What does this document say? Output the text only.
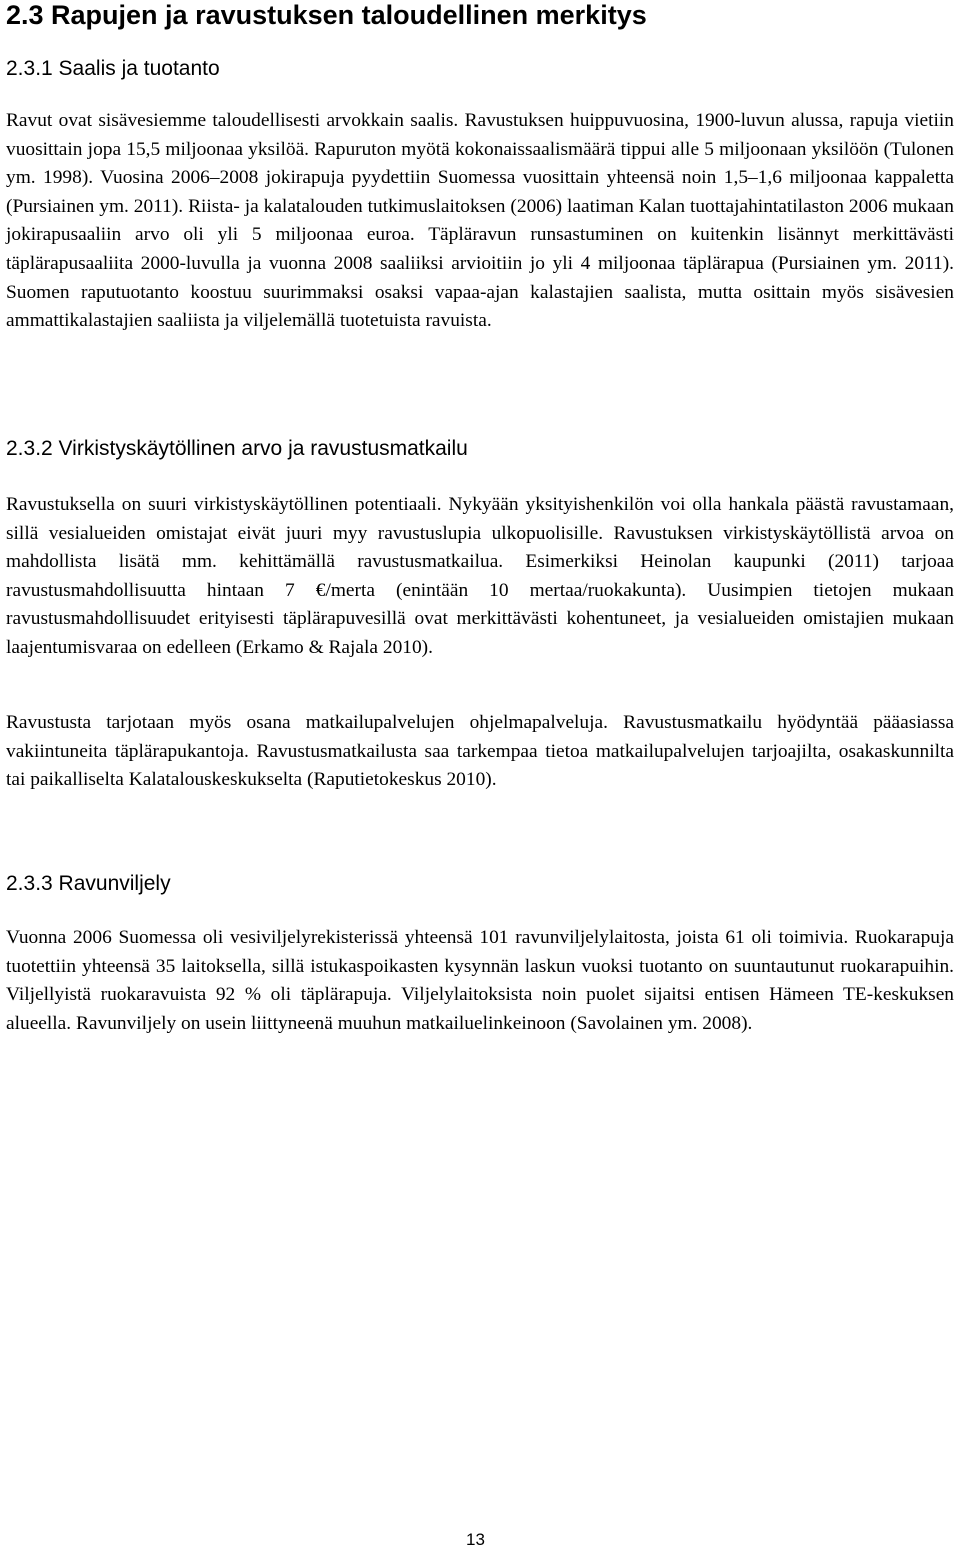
2.3 Rapujen ja ravustuksen taloudellinen merkitys
2.3.1 Saalis ja tuotanto

Ravut ovat sisävesiemme taloudellisesti arvokkain saalis. Ravustuksen huippuvuosina, 1900-luvun alussa, rapuja vietiin vuosittain jopa 15,5 miljoonaa yksilöä. Rapuruton myötä kokonaissaalismäärä tippui alle 5 miljoonaan yksilöön (Tulonen ym. 1998). Vuosina 2006–2008 jokirapuja pyydettiin Suomessa vuosittain yhteensä noin 1,5–1,6 miljoonaa kappaletta (Pursiainen ym. 2011). Riista- ja kalatalouden tutkimuslaitoksen (2006) laatiman Kalan tuottajahintatilaston 2006 mukaan jokirapusaaliin arvo oli yli 5 miljoonaa euroa. Täpläravun runsastuminen on kuitenkin lisännyt merkittävästi täplärapusaaliita 2000-luvulla ja vuonna 2008 saaliiksi arvioitiin jo yli 4 miljoonaa täplärapua (Pursiainen ym. 2011). Suomen raputuotanto koostuu suurimmaksi osaksi vapaa-ajan kalastajien saalista, mutta osittain myös sisävesien ammattikalastajien saaliista ja viljelemällä tuotetuista ravuista.

2.3.2 Virkistyskäytöllinen arvo ja ravustusmatkailu

Ravustuksella on suuri virkistyskäytöllinen potentiaali. Nykyään yksityishenkilön voi olla hankala päästä ravustamaan, sillä vesialueiden omistajat eivät juuri myy ravustuslupia ulkopuolisille. Ravustuksen virkistyskäytöllistä arvoa on mahdollista lisätä mm. kehittämällä ravustusmatkailua. Esimerkiksi Heinolan kaupunki (2011) tarjoaa ravustusmahdollisuutta hintaan 7 €/merta (enintään 10 mertaa/ruokakunta). Uusimpien tietojen mukaan ravustusmahdollisuudet erityisesti täplärapuvesillä ovat merkittävästi kohentuneet, ja vesialueiden omistajien mukaan laajentumisvaraa on edelleen (Erkamo & Rajala 2010).

Ravustusta tarjotaan myös osana matkailupalvelujen ohjelmapalveluja. Ravustusmatkailu hyödyntää pääasiassa vakiintuneita täplärapukantoja. Ravustusmatkailusta saa tarkempaa tietoa matkailupalvelujen tarjoajilta, osakaskunnilta tai paikalliselta Kalatalouskeskukselta (Raputietokeskus 2010).

2.3.3 Ravunviljely

Vuonna 2006 Suomessa oli vesiviljelyrekisterissä yhteensä 101 ravunviljelylaitosta, joista 61 oli toimivia. Ruokarapuja tuotettiin yhteensä 35 laitoksella, sillä istukaspoikasten kysynnän laskun vuoksi tuotanto on suuntautunut ruokarapuihin. Viljellyistä ruokaravuista 92 % oli täplärapuja. Viljelylaitoksista noin puolet sijaitsi entisen Hämeen TE-keskuksen alueella. Ravunviljely on usein liittyneenä muuhun matkailuelinkeinoon (Savolainen ym. 2008).

13
